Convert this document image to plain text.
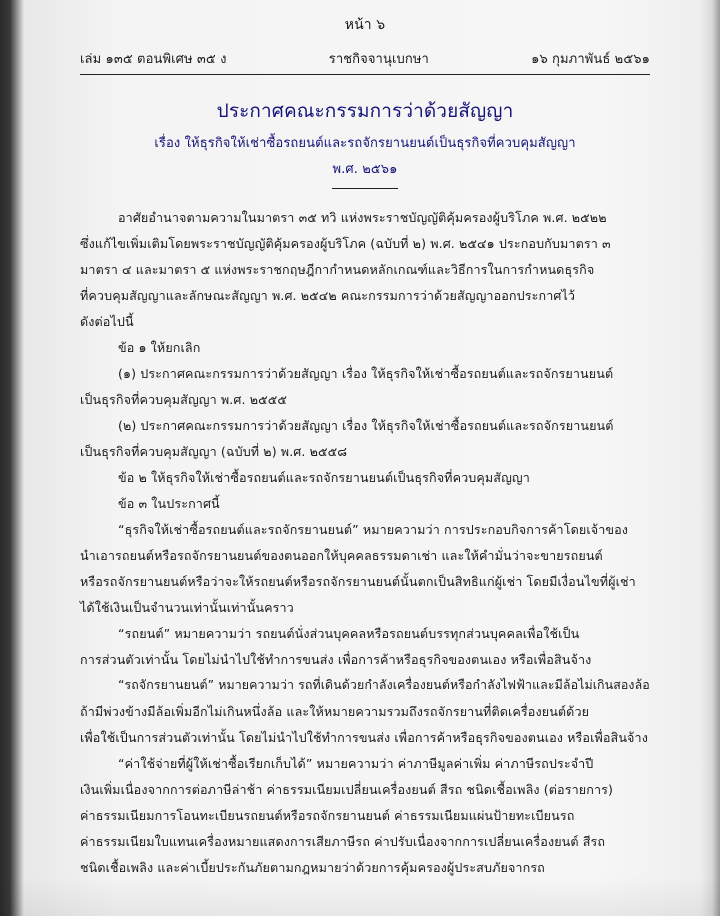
หน้า ๖
เล่ม ๑๓๕ ตอนพิเศษ ๓๕ ง	ราชกิจจานุเบกษา	๑๖ กุมภาพันธ์ ๒๕๖๑
ประกาศคณะกรรมการว่าด้วยสัญญา
เรื่อง ให้ธุรกิจให้เช่าซื้อรถยนต์และรถจักรยานยนต์เป็นธุรกิจที่ควบคุมสัญญา
พ.ศ. ๒๕๖๑
อาศัยอำนาจตามความในมาตรา ๓๕ ทวิ แห่งพระราชบัญญัติคุ้มครองผู้บริโภค พ.ศ. ๒๕๒๒
ซึ่งแก้ไขเพิ่มเติมโดยพระราชบัญญัติคุ้มครองผู้บริโภค (ฉบับที่ ๒) พ.ศ. ๒๕๔๑ ประกอบกับมาตรา ๓
มาตรา ๔ และมาตรา ๕ แห่งพระราชกฤษฎีกากำหนดหลักเกณฑ์และวิธีการในการกำหนดธุรกิจ
ที่ควบคุมสัญญาและลักษณะสัญญา พ.ศ. ๒๕๔๒ คณะกรรมการว่าด้วยสัญญาออกประกาศไว้
ดังต่อไปนี้
ข้อ ๑ ให้ยกเลิก
(๑) ประกาศคณะกรรมการว่าด้วยสัญญา เรื่อง ให้ธุรกิจให้เช่าซื้อรถยนต์และรถจักรยานยนต์
เป็นธุรกิจที่ควบคุมสัญญา พ.ศ. ๒๕๕๕
(๒) ประกาศคณะกรรมการว่าด้วยสัญญา เรื่อง ให้ธุรกิจให้เช่าซื้อรถยนต์และรถจักรยานยนต์
เป็นธุรกิจที่ควบคุมสัญญา (ฉบับที่ ๒) พ.ศ. ๒๕๕๘
ข้อ ๒ ให้ธุรกิจให้เช่าซื้อรถยนต์และรถจักรยานยนต์เป็นธุรกิจที่ควบคุมสัญญา
ข้อ ๓ ในประกาศนี้
“ธุรกิจให้เช่าซื้อรถยนต์และรถจักรยานยนต์” หมายความว่า การประกอบกิจการค้าโดยเจ้าของ
นำเอารถยนต์หรือรถจักรยานยนต์ของตนออกให้บุคคลธรรมดาเช่า และให้คำมั่นว่าจะขายรถยนต์
หรือรถจักรยานยนต์หรือว่าจะให้รถยนต์หรือรถจักรยานยนต์นั้นตกเป็นสิทธิแก่ผู้เช่า โดยมีเงื่อนไขที่ผู้เช่า
ได้ใช้เงินเป็นจำนวนเท่านั้นเท่านั้นคราว
“รถยนต์” หมายความว่า รถยนต์นั่งส่วนบุคคลหรือรถยนต์บรรทุกส่วนบุคคลเพื่อใช้เป็น
การส่วนตัวเท่านั้น โดยไม่นำไปใช้ทำการขนส่ง เพื่อการค้าหรือธุรกิจของตนเอง หรือเพื่อสินจ้าง
“รถจักรยานยนต์” หมายความว่า รถที่เดินด้วยกำลังเครื่องยนต์หรือกำลังไฟฟ้าและมีล้อไม่เกินสองล้อ
ถ้ามีพ่วงข้างมีล้อเพิ่มอีกไม่เกินหนึ่งล้อ และให้หมายความรวมถึงรถจักรยานที่ติดเครื่องยนต์ด้วย
เพื่อใช้เป็นการส่วนตัวเท่านั้น โดยไม่นำไปใช้ทำการขนส่ง เพื่อการค้าหรือธุรกิจของตนเอง หรือเพื่อสินจ้าง
“ค่าใช้จ่ายที่ผู้ให้เช่าซื้อเรียกเก็บได้” หมายความว่า ค่าภาษีมูลค่าเพิ่ม ค่าภาษีรถประจำปี
เงินเพิ่มเนื่องจากการต่อภาษีล่าช้า ค่าธรรมเนียมเปลี่ยนเครื่องยนต์ สีรถ ชนิดเชื้อเพลิง (ต่อรายการ)
ค่าธรรมเนียมการโอนทะเบียนรถยนต์หรือรถจักรยานยนต์ ค่าธรรมเนียมแผ่นป้ายทะเบียนรถ
ค่าธรรมเนียมใบแทนเครื่องหมายแสดงการเสียภาษีรถ ค่าปรับเนื่องจากการเปลี่ยนเครื่องยนต์ สีรถ
ชนิดเชื้อเพลิง และค่าเบี้ยประกันภัยตามกฎหมายว่าด้วยการคุ้มครองผู้ประสบภัยจากรถ
